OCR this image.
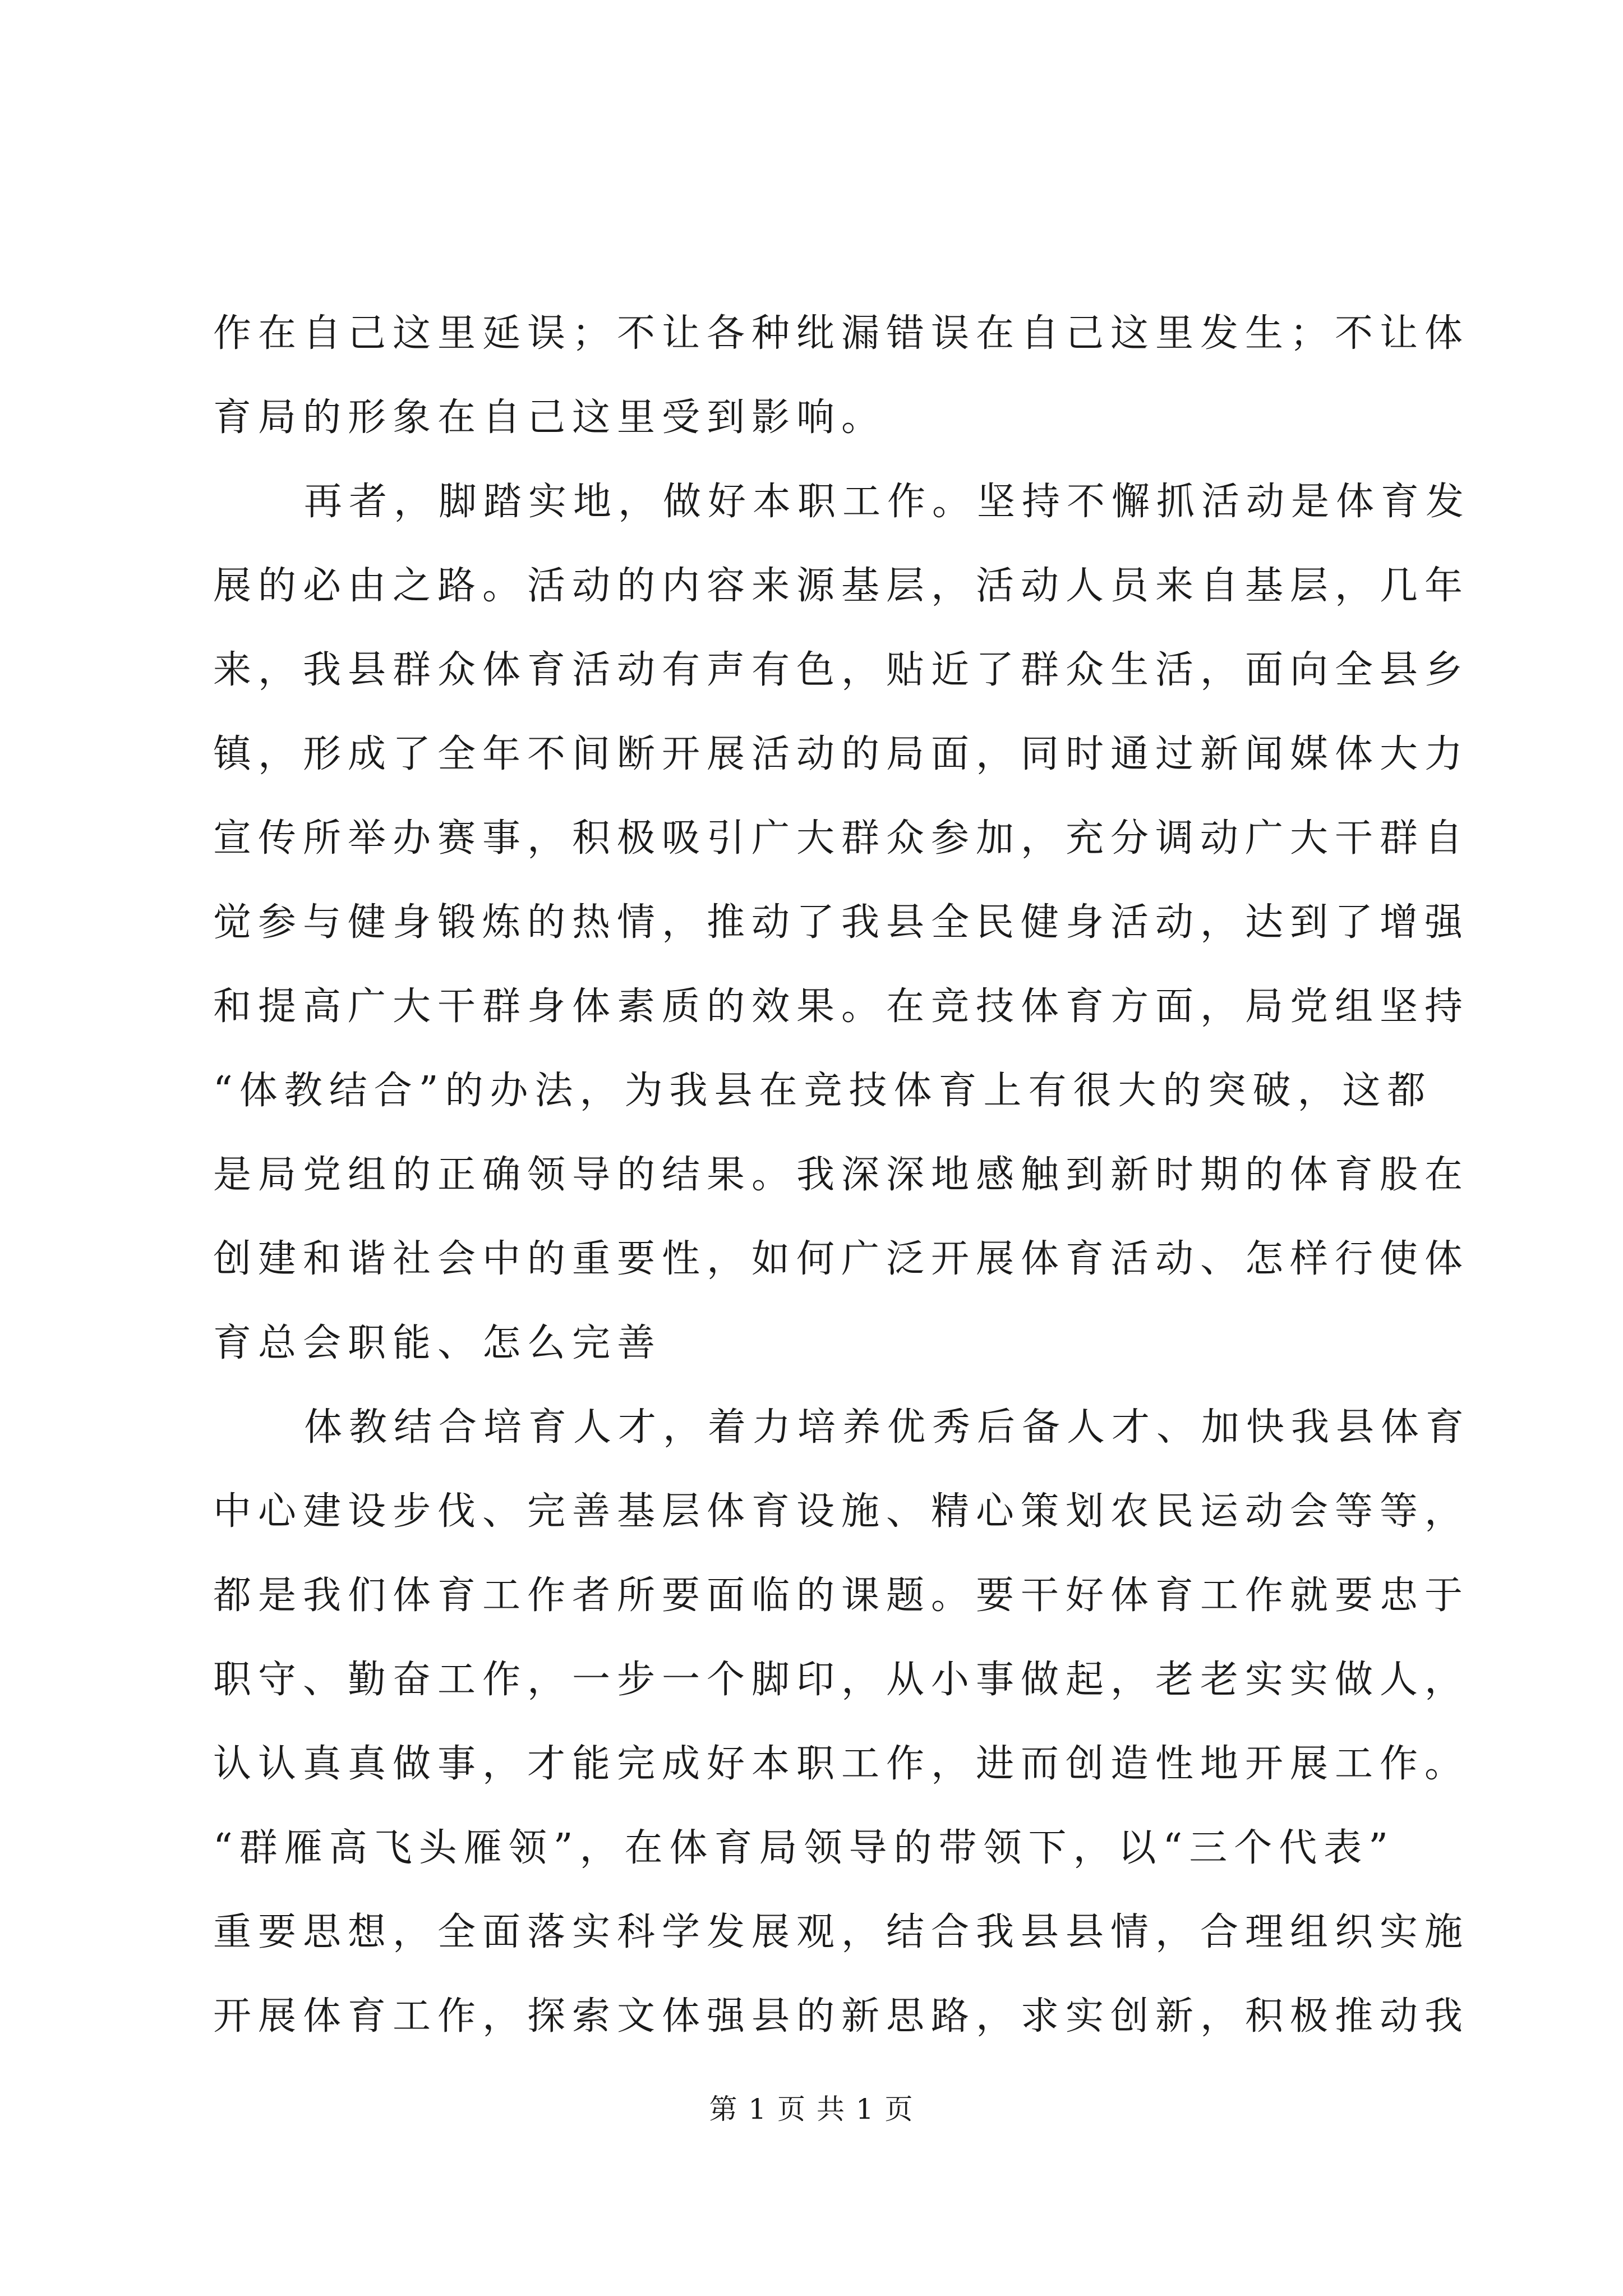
作在自己这里延误；不让各种纰漏错误在自己这里发生；不让体
育局的形象在自己这里受到影响。
再者，脚踏实地，做好本职工作。坚持不懈抓活动是体育发
展的必由之路。活动的内容来源基层，活动人员来自基层，几年
来，我县群众体育活动有声有色，贴近了群众生活，面向全县乡
镇，形成了全年不间断开展活动的局面，同时通过新闻媒体大力
宣传所举办赛事，积极吸引广大群众参加，充分调动广大干群自
觉参与健身锻炼的热情，推动了我县全民健身活动，达到了增强
和提高广大干群身体素质的效果。在竞技体育方面，局党组坚持
“体教结合”的办法，为我县在竞技体育上有很大的突破，这都
是局党组的正确领导的结果。我深深地感触到新时期的体育股在
创建和谐社会中的重要性，如何广泛开展体育活动、怎样行使体
育总会职能、怎么完善
体教结合培育人才，着力培养优秀后备人才、加快我县体育
中心建设步伐、完善基层体育设施、精心策划农民运动会等等，
都是我们体育工作者所要面临的课题。要干好体育工作就要忠于
职守、勤奋工作，一步一个脚印，从小事做起，老老实实做人，
认认真真做事，才能完成好本职工作，进而创造性地开展工作。
“群雁高飞头雁领”，在体育局领导的带领下，以“三个代表”
重要思想，全面落实科学发展观，结合我县县情，合理组织实施
开展体育工作，探索文体强县的新思路，求实创新，积极推动我
第 1 页 共 1 页
